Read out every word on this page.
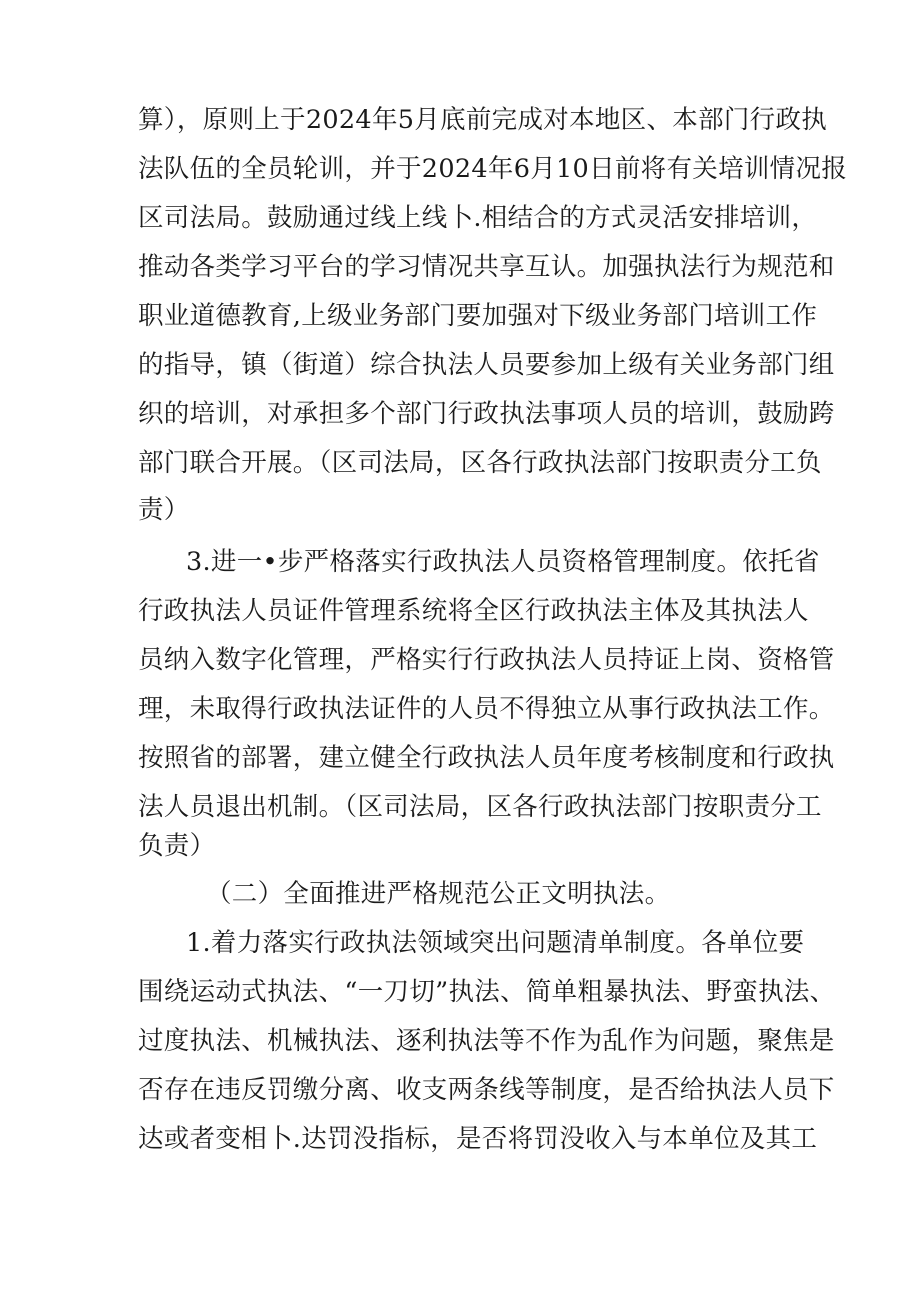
算），原则上于2024年5月底前完成对本地区、本部门行政执
法队伍的全员轮训，并于2024年6月10日前将有关培训情况报
区司法局。鼓励通过线上线卜.相结合的方式灵活安排培训，
推动各类学习平台的学习情况共享互认。加强执法行为规范和
职业道德教育,上级业务部门要加强对下级业务部门培训工作
的指导，镇（街道）综合执法人员要参加上级有关业务部门组
织的培训，对承担多个部门行政执法事项人员的培训，鼓励跨
部门联合开展。（区司法局，区各行政执法部门按职责分工负
责）
3.进一•步严格落实行政执法人员资格管理制度。依托省
行政执法人员证件管理系统将全区行政执法主体及其执法人
员纳入数字化管理，严格实行行政执法人员持证上岗、资格管
理，未取得行政执法证件的人员不得独立从事行政执法工作。
按照省的部署，建立健全行政执法人员年度考核制度和行政执
法人员退出机制。（区司法局，区各行政执法部门按职责分工
负责）
（二）全面推进严格规范公正文明执法。
1.着力落实行政执法领域突出问题清单制度。各单位要
围绕运动式执法、“一刀切”执法、简单粗暴执法、野蛮执法、
过度执法、机械执法、逐利执法等不作为乱作为问题，聚焦是
否存在违反罚缴分离、收支两条线等制度，是否给执法人员下
达或者变相卜.达罚没指标，是否将罚没收入与本单位及其工
